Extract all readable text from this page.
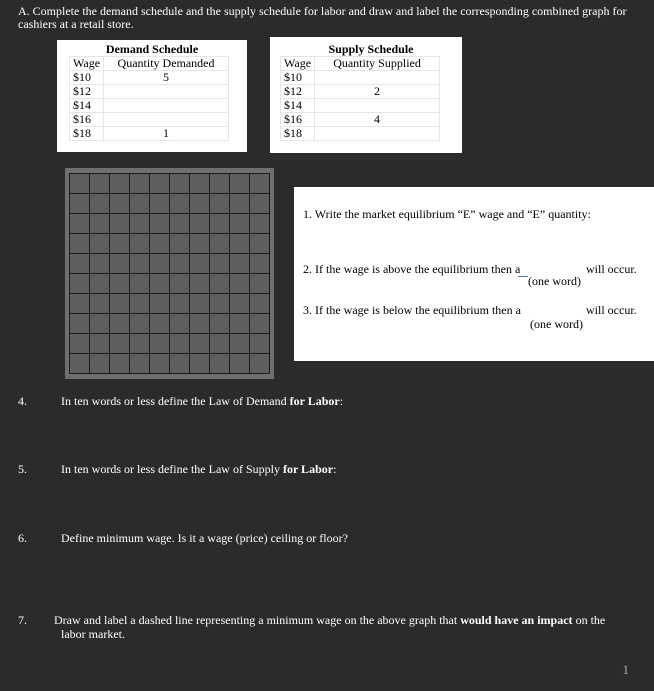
A. Complete the demand schedule and the supply schedule for labor and draw and label the corresponding combined graph for
cashiers at a retail store.
Demand Schedule
Wage	Quantity Demanded
$10	5
$12	
$14	
$16	
$18	1
Supply Schedule
Wage	Quantity Supplied
$10	
$12	2
$14	
$16	4
$18	
1. Write the market equilibrium “E” wage and “E” quantity:
2. If the wage is above the equilibrium then a	will occur.
(one word)
3. If the wage is below the equilibrium then a	will occur.
(one word)
4.	In ten words or less define the Law of Demand for Labor:
5.	In ten words or less define the Law of Supply for Labor:
6.	Define minimum wage. Is it a wage (price) ceiling or floor?
7. Draw and label a dashed line representing a minimum wage on the above graph that would have an impact on the
labor market.
1
